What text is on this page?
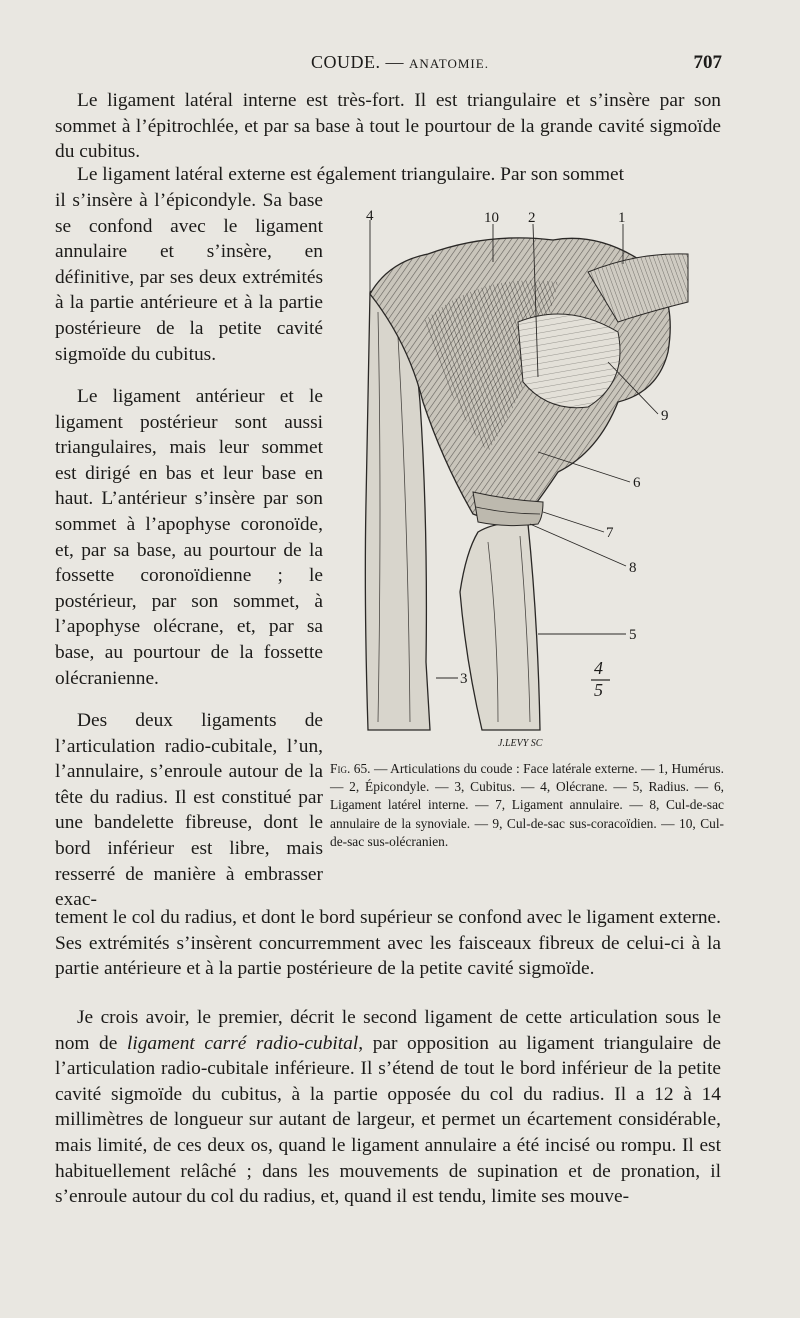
COUDE. — ANATOMIE.	707

Le ligament latéral interne est très-fort. Il est triangulaire et s’insère par son sommet à l’épitrochlée, et par sa base à tout le pourtour de la grande cavité sigmoïde du cubitus.

Le ligament latéral externe est également triangulaire. Par son sommet

il s’insère à l’épicondyle. Sa base se confond avec le ligament annulaire et s’insère, en définitive, par ses deux extrémités à la partie antérieure et à la partie postérieure de la petite cavité sigmoïde du cubitus.

Le ligament antérieur et le ligament postérieur sont aussi triangulaires, mais leur sommet est dirigé en bas et leur base en haut. L’antérieur s’insère par son sommet à l’apophyse coronoïde, et, par sa base, au pourtour de la fossette coronoïdienne ; le postérieur, par son sommet, à l’apophyse olécrane, et, par sa base, au pourtour de la fossette olécranienne.

Des deux ligaments de l’articulation radio-cubitale, l’un, l’annulaire, s’enroule autour de la tête du radius. Il est constitué par une bandelette fibreuse, dont le bord inférieur est libre, mais resserré de manière à embrasser exac-

tement le col du radius, et dont le bord supérieur se confond avec le ligament externe. Ses extrémités s’insèrent concurremment avec les faisceaux fibreux de celui-ci à la partie antérieure et à la partie postérieure de la petite cavité sigmoïde.

Je crois avoir, le premier, décrit le second ligament de cette articulation sous le nom de ligament carré radio-cubital, par opposition au ligament triangulaire de l’articulation radio-cubitale inférieure. Il s’étend de tout le bord inférieur de la petite cavité sigmoïde du cubitus, à la partie opposée du col du radius. Il a 12 à 14 millimètres de longueur sur autant de largeur, et permet un écartement considérable, mais limité, de ces deux os, quand le ligament annulaire a été incisé ou rompu. Il est habituellement relâché ; dans les mouvements de supination et de pronation, il s’enroule autour du col du radius, et, quand il est tendu, limite ses mouve-

4	10 2	1
9
6
7
8
5
3
4
5
J.LEVY SC

Fig. 65. — Articulations du coude : Face latérale externe. — 1, Humérus. — 2, Épicondyle. — 3, Cubitus. — 4, Olécrane. — 5, Radius. — 6, Ligament latérel interne. — 7, Ligament annulaire. — 8, Cul-de-sac annulaire de la synoviale. — 9, Cul-de-sac sus-coracoïdien. — 10, Cul-de-sac sus-olécranien.
